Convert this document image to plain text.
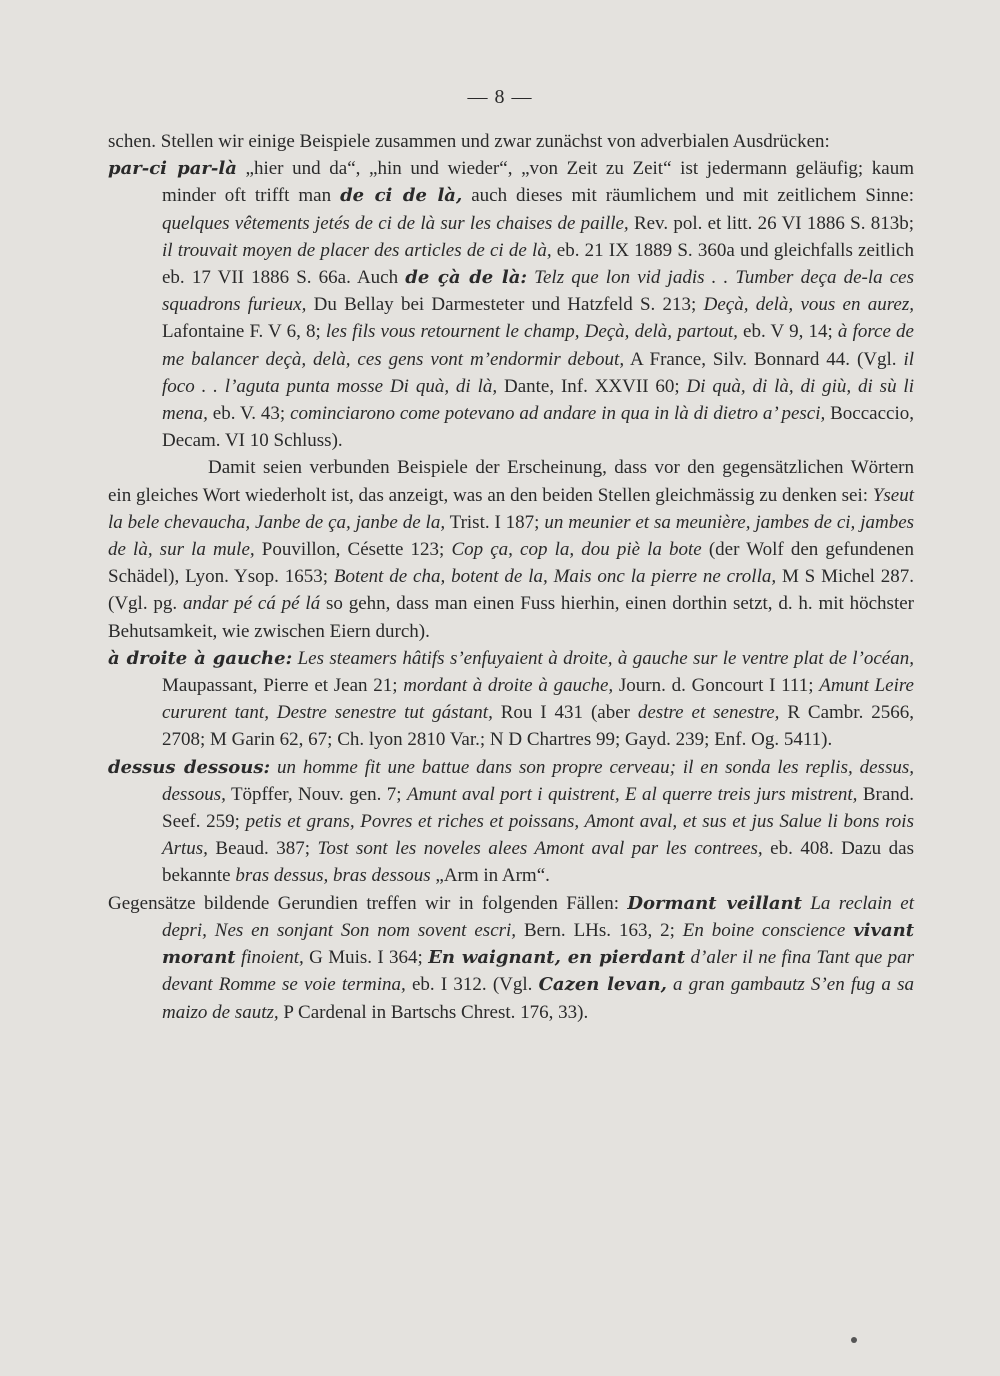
— 8 —

schen. Stellen wir einige Beispiele zusammen und zwar zunächst von adverbialen Ausdrücken:

par-ci par-là „hier und da“, „hin und wieder“, „von Zeit zu Zeit“ ist jedermann geläufig; kaum minder oft trifft man de ci de là, auch dieses mit räumlichem und mit zeitlichem Sinne: quelques vêtements jetés de ci de là sur les chaises de paille, Rev. pol. et litt. 26 VI 1886 S. 813b; il trouvait moyen de placer des articles de ci de là, eb. 21 IX 1889 S. 360a und gleichfalls zeitlich eb. 17 VII 1886 S. 66a. Auch de çà de là: Telz que lon vid jadis . . Tumber deça de-la ces squadrons furieux, Du Bellay bei Darmesteter und Hatzfeld S. 213; Deçà, delà, vous en aurez, Lafontaine F. V 6, 8; les fils vous retournent le champ, Deçà, delà, partout, eb. V 9, 14; à force de me balancer deçà, delà, ces gens vont m’endormir debout, A France, Silv. Bonnard 44. (Vgl. il foco . . l’aguta punta mosse Di quà, di là, Dante, Inf. XXVII 60; Di quà, di là, di giù, di sù li mena, eb. V. 43; cominciarono come potevano ad andare in qua in là di dietro a’ pesci, Boccaccio, Decam. VI 10 Schluss).

Damit seien verbunden Beispiele der Erscheinung, dass vor den gegensätzlichen Wörtern ein gleiches Wort wiederholt ist, das anzeigt, was an den beiden Stellen gleichmässig zu denken sei: Yseut la bele chevaucha, Janbe de ça, janbe de la, Trist. I 187; un meunier et sa meunière, jambes de ci, jambes de là, sur la mule, Pouvillon, Césette 123; Cop ça, cop la, dou piè la bote (der Wolf den gefundenen Schädel), Lyon. Ysop. 1653; Botent de cha, botent de la, Mais onc la pierre ne crolla, M S Michel 287. (Vgl. pg. andar pé cá pé lá so gehn, dass man einen Fuss hierhin, einen dorthin setzt, d. h. mit höchster Behutsamkeit, wie zwischen Eiern durch).

à droite à gauche: Les steamers hâtifs s’enfuyaient à droite, à gauche sur le ventre plat de l’océan, Maupassant, Pierre et Jean 21; mordant à droite à gauche, Journ. d. Goncourt I 111; Amunt Leire cururent tant, Destre senestre tut gástant, Rou I 431 (aber destre et senestre, R Cambr. 2566, 2708; M Garin 62, 67; Ch. lyon 2810 Var.; N D Chartres 99; Gayd. 239; Enf. Og. 5411).

dessus dessous: un homme fit une battue dans son propre cerveau; il en sonda les replis, dessus, dessous, Töpffer, Nouv. gen. 7; Amunt aval port i quistrent, E al querre treis jurs mistrent, Brand. Seef. 259; petis et grans, Povres et riches et poissans, Amont aval, et sus et jus Salue li bons rois Artus, Beaud. 387; Tost sont les noveles alees Amont aval par les contrees, eb. 408. Dazu das bekannte bras dessus, bras dessous „Arm in Arm“.

Gegensätze bildende Gerundien treffen wir in folgenden Fällen: Dormant veillant La reclain et depri, Nes en sonjant Son nom sovent escri, Bern. LHs. 163, 2; En boine conscience vivant morant finoient, G Muis. I 364; En waignant, en pierdant d’aler il ne fina Tant que par devant Romme se voie termina, eb. I 312. (Vgl. Cazen levan, a gran gambautz S’en fug a sa maizo de sautz, P Cardenal in Bartschs Chrest. 176, 33).
